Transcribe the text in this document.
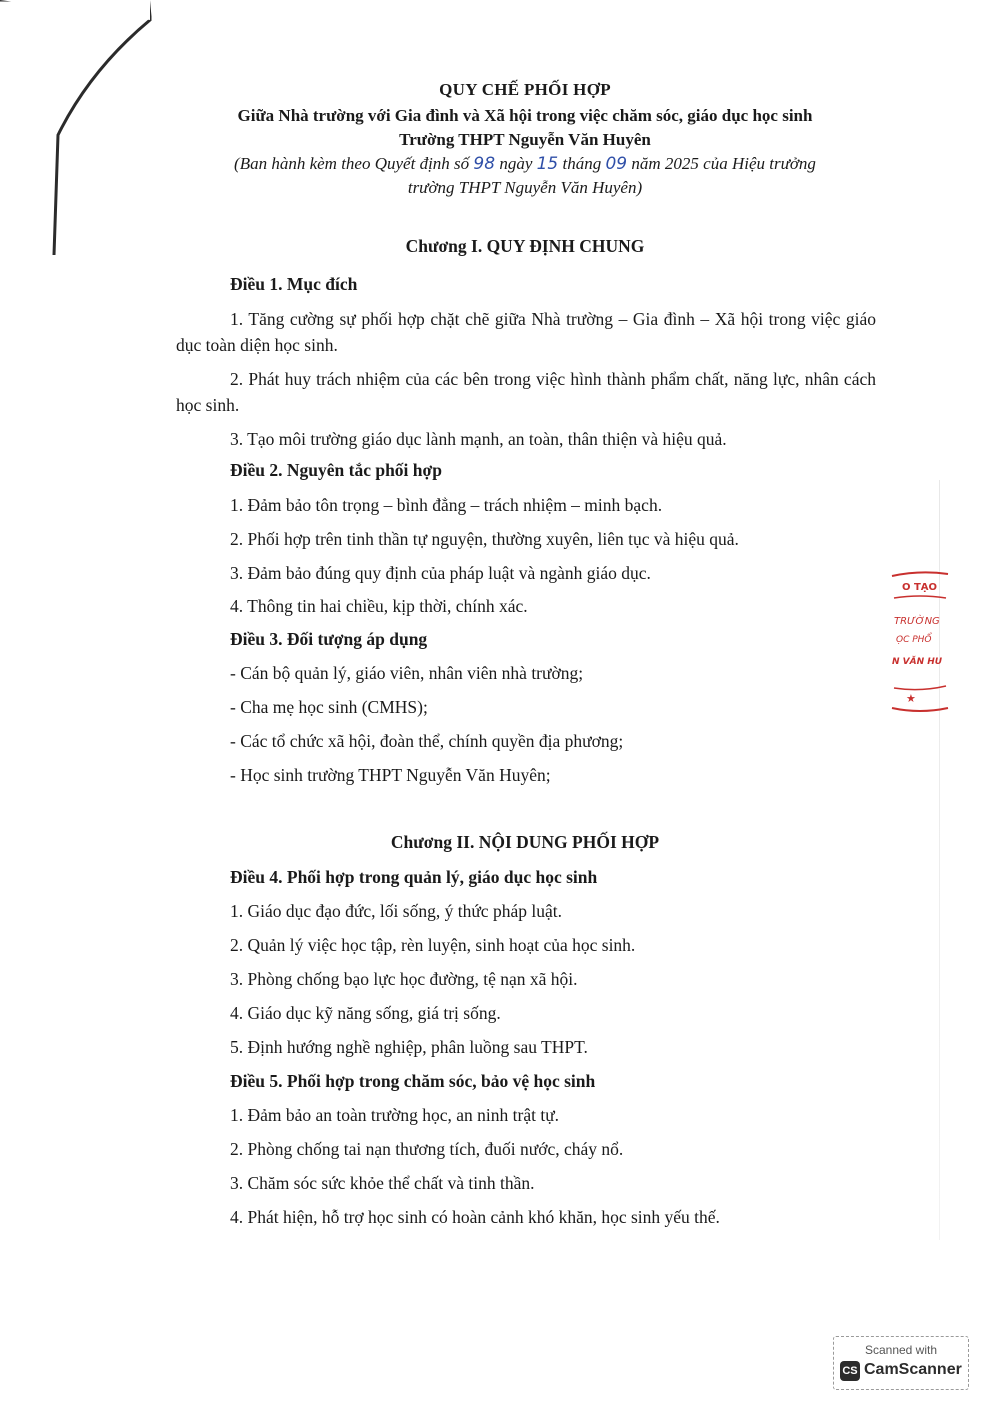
QUY CHẾ PHỐI HỢP
Giữa Nhà trường với Gia đình và Xã hội trong việc chăm sóc, giáo dục học sinh
Trường THPT Nguyễn Văn Huyên
(Ban hành kèm theo Quyết định số 98 ngày 15 tháng 09 năm 2025 của Hiệu trưởng
trường THPT Nguyễn Văn Huyên)
Chương I. QUY ĐỊNH CHUNG
Điều 1. Mục đích
1. Tăng cường sự phối hợp chặt chẽ giữa Nhà trường – Gia đình – Xã hội trong việc giáo dục toàn diện học sinh.
2. Phát huy trách nhiệm của các bên trong việc hình thành phẩm chất, năng lực, nhân cách học sinh.
3. Tạo môi trường giáo dục lành mạnh, an toàn, thân thiện và hiệu quả.
Điều 2. Nguyên tắc phối hợp
1. Đảm bảo tôn trọng – bình đẳng – trách nhiệm – minh bạch.
2. Phối hợp trên tinh thần tự nguyện, thường xuyên, liên tục và hiệu quả.
3. Đảm bảo đúng quy định của pháp luật và ngành giáo dục.
4. Thông tin hai chiều, kịp thời, chính xác.
Điều 3. Đối tượng áp dụng
- Cán bộ quản lý, giáo viên, nhân viên nhà trường;
- Cha mẹ học sinh (CMHS);
- Các tổ chức xã hội, đoàn thể, chính quyền địa phương;
- Học sinh trường THPT Nguyễn Văn Huyên;
Chương II. NỘI DUNG PHỐI HỢP
Điều 4. Phối hợp trong quản lý, giáo dục học sinh
1. Giáo dục đạo đức, lối sống, ý thức pháp luật.
2. Quản lý việc học tập, rèn luyện, sinh hoạt của học sinh.
3. Phòng chống bạo lực học đường, tệ nạn xã hội.
4. Giáo dục kỹ năng sống, giá trị sống.
5. Định hướng nghề nghiệp, phân luồng sau THPT.
Điều 5. Phối hợp trong chăm sóc, bảo vệ học sinh
1. Đảm bảo an toàn trường học, an ninh trật tự.
2. Phòng chống tai nạn thương tích, đuối nước, cháy nổ.
3. Chăm sóc sức khỏe thể chất và tinh thần.
4. Phát hiện, hỗ trợ học sinh có hoàn cảnh khó khăn, học sinh yếu thế.
O TẠO
TRƯỜNG
ỌC PHỔ
N VĂN HU
★
Scanned with
CS CamScanner
